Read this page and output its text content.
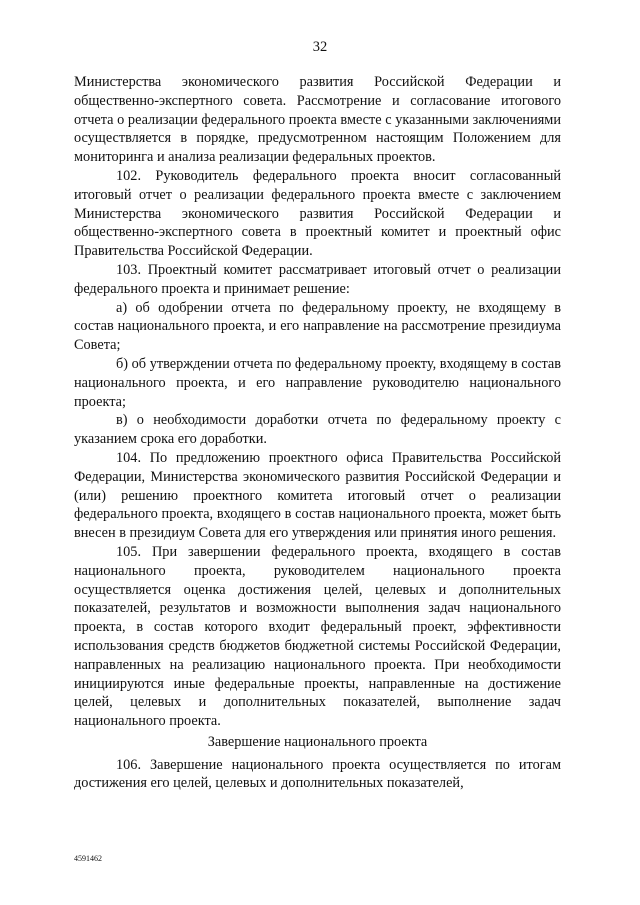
32

Министерства экономического развития Российской Федерации и общественно-экспертного совета. Рассмотрение и согласование итогового отчета о реализации федерального проекта вместе с указанными заключениями осуществляется в порядке, предусмотренном настоящим Положением для мониторинга и анализа реализации федеральных проектов.

102. Руководитель федерального проекта вносит согласованный итоговый отчет о реализации федерального проекта вместе с заключением Министерства экономического развития Российской Федерации и общественно-экспертного совета в проектный комитет и проектный офис Правительства Российской Федерации.

103. Проектный комитет рассматривает итоговый отчет о реализации федерального проекта и принимает решение:

а) об одобрении отчета по федеральному проекту, не входящему в состав национального проекта, и его направление на рассмотрение президиума Совета;

б) об утверждении отчета по федеральному проекту, входящему в состав национального проекта, и его направление руководителю национального проекта;

в) о необходимости доработки отчета по федеральному проекту с указанием срока его доработки.

104. По предложению проектного офиса Правительства Российской Федерации, Министерства экономического развития Российской Федерации и (или) решению проектного комитета итоговый отчет о реализации федерального проекта, входящего в состав национального проекта, может быть внесен в президиум Совета для его утверждения или принятия иного решения.

105. При завершении федерального проекта, входящего в состав национального проекта, руководителем национального проекта осуществляется оценка достижения целей, целевых и дополнительных показателей, результатов и возможности выполнения задач национального проекта, в состав которого входит федеральный проект, эффективности использования средств бюджетов бюджетной системы Российской Федерации, направленных на реализацию национального проекта. При необходимости инициируются иные федеральные проекты, направленные на достижение целей, целевых и дополнительных показателей, выполнение задач национального проекта.

Завершение национального проекта

106. Завершение национального проекта осуществляется по итогам достижения его целей, целевых и дополнительных показателей,

4591462
